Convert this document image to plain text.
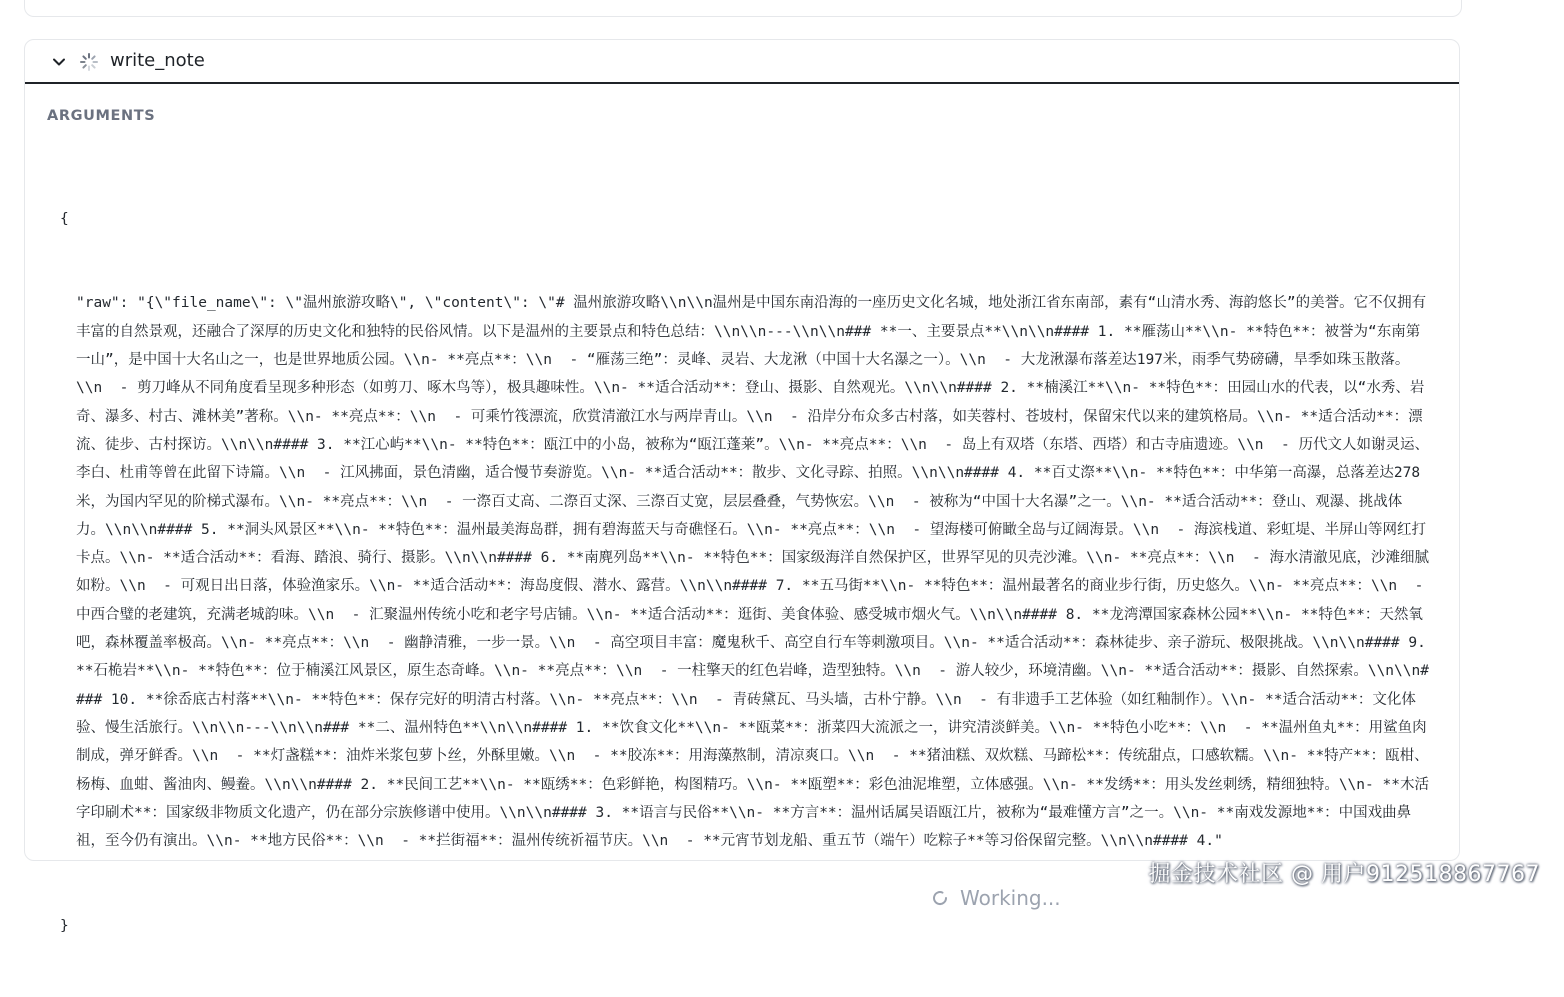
write_note
ARGUMENTS

{

"raw": "{\"file_name\": \"温州旅游攻略\", \"content\": \"# 温州旅游攻略\\n\\n温州是中国东南沿海的一座历史文化名城，地处浙江省东南部，素有“山清水秀、海韵悠长”的美誉。它不仅拥有丰富的自然景观，还融合了深厚的历史文化和独特的民俗风情。以下是温州的主要景点和特色总结：\\n\\n---\\n\\n### **一、主要景点**\\n\\n#### 1. **雁荡山**\\n- **特色**：被誉为“东南第一山”，是中国十大名山之一，也是世界地质公园。\\n- **亮点**：\\n  - “雁荡三绝”：灵峰、灵岩、大龙湫（中国十大名瀑之一）。\\n  - 大龙湫瀑布落差达197米，雨季气势磅礴，旱季如珠玉散落。\\n  - 剪刀峰从不同角度看呈现多种形态（如剪刀、啄木鸟等），极具趣味性。\\n- **适合活动**：登山、摄影、自然观光。\\n\\n#### 2. **楠溪江**\\n- **特色**：田园山水的代表，以“水秀、岩奇、瀑多、村古、滩林美”著称。\\n- **亮点**：\\n  - 可乘竹筏漂流，欣赏清澈江水与两岸青山。\\n  - 沿岸分布众多古村落，如芙蓉村、苍坡村，保留宋代以来的建筑格局。\\n- **适合活动**：漂流、徒步、古村探访。\\n\\n#### 3. **江心屿**\\n- **特色**：瓯江中的小岛，被称为“瓯江蓬莱”。\\n- **亮点**：\\n  - 岛上有双塔（东塔、西塔）和古寺庙遗迹。\\n  - 历代文人如谢灵运、李白、杜甫等曾在此留下诗篇。\\n  - 江风拂面，景色清幽，适合慢节奏游览。\\n- **适合活动**：散步、文化寻踪、拍照。\\n\\n#### 4. **百丈漈**\\n- **特色**：中华第一高瀑，总落差达278米，为国内罕见的阶梯式瀑布。\\n- **亮点**：\\n  - 一漈百丈高、二漈百丈深、三漈百丈宽，层层叠叠，气势恢宏。\\n  - 被称为“中国十大名瀑”之一。\\n- **适合活动**：登山、观瀑、挑战体力。\\n\\n#### 5. **洞头风景区**\\n- **特色**：温州最美海岛群，拥有碧海蓝天与奇礁怪石。\\n- **亮点**：\\n  - 望海楼可俯瞰全岛与辽阔海景。\\n  - 海滨栈道、彩虹堤、半屏山等网红打卡点。\\n- **适合活动**：看海、踏浪、骑行、摄影。\\n\\n#### 6. **南麂列岛**\\n- **特色**：国家级海洋自然保护区，世界罕见的贝壳沙滩。\\n- **亮点**：\\n  - 海水清澈见底，沙滩细腻如粉。\\n  - 可观日出日落，体验渔家乐。\\n- **适合活动**：海岛度假、潜水、露营。\\n\\n#### 7. **五马街**\\n- **特色**：温州最著名的商业步行街，历史悠久。\\n- **亮点**：\\n  - 中西合璧的老建筑，充满老城韵味。\\n  - 汇聚温州传统小吃和老字号店铺。\\n- **适合活动**：逛街、美食体验、感受城市烟火气。\\n\\n#### 8. **龙湾潭国家森林公园**\\n- **特色**：天然氧吧，森林覆盖率极高。\\n- **亮点**：\\n  - 幽静清雅，一步一景。\\n  - 高空项目丰富：魔鬼秋千、高空自行车等刺激项目。\\n- **适合活动**：森林徒步、亲子游玩、极限挑战。\\n\\n#### 9. **石桅岩**\\n- **特色**：位于楠溪江风景区，原生态奇峰。\\n- **亮点**：\\n  - 一柱擎天的红色岩峰，造型独特。\\n  - 游人较少，环境清幽。\\n- **适合活动**：摄影、自然探索。\\n\\n#### 10. **徐岙底古村落**\\n- **特色**：保存完好的明清古村落。\\n- **亮点**：\\n  - 青砖黛瓦、马头墙，古朴宁静。\\n  - 有非遗手工艺体验（如红釉制作）。\\n- **适合活动**：文化体验、慢生活旅行。\\n\\n---\\n\\n### **二、温州特色**\\n\\n#### 1. **饮食文化**\\n- **瓯菜**：浙菜四大流派之一，讲究清淡鲜美。\\n- **特色小吃**：\\n  - **温州鱼丸**：用鲨鱼肉制成，弹牙鲜香。\\n  - **灯盏糕**：油炸米浆包萝卜丝，外酥里嫩。\\n  - **胶冻**：用海藻熬制，清凉爽口。\\n  - **猪油糕、双炊糕、马蹄松**：传统甜点，口感软糯。\\n- **特产**：瓯柑、杨梅、血蚶、酱油肉、鳗鲞。\\n\\n#### 2. **民间工艺**\\n- **瓯绣**：色彩鲜艳，构图精巧。\\n- **瓯塑**：彩色油泥堆塑，立体感强。\\n- **发绣**：用头发丝刺绣，精细独特。\\n- **木活字印刷术**：国家级非物质文化遗产，仍在部分宗族修谱中使用。\\n\\n#### 3. **语言与民俗**\\n- **方言**：温州话属吴语瓯江片，被称为“最难懂方言”之一。\\n- **南戏发源地**：中国戏曲鼻祖，至今仍有演出。\\n- **地方民俗**：\\n  - **拦街福**：温州传统祈福节庆。\\n  - **元宵节划龙船、重五节（端午）吃粽子**等习俗保留完整。\\n\\n#### 4."

}

Working...
掘金技术社区 @ 用户912518867767
